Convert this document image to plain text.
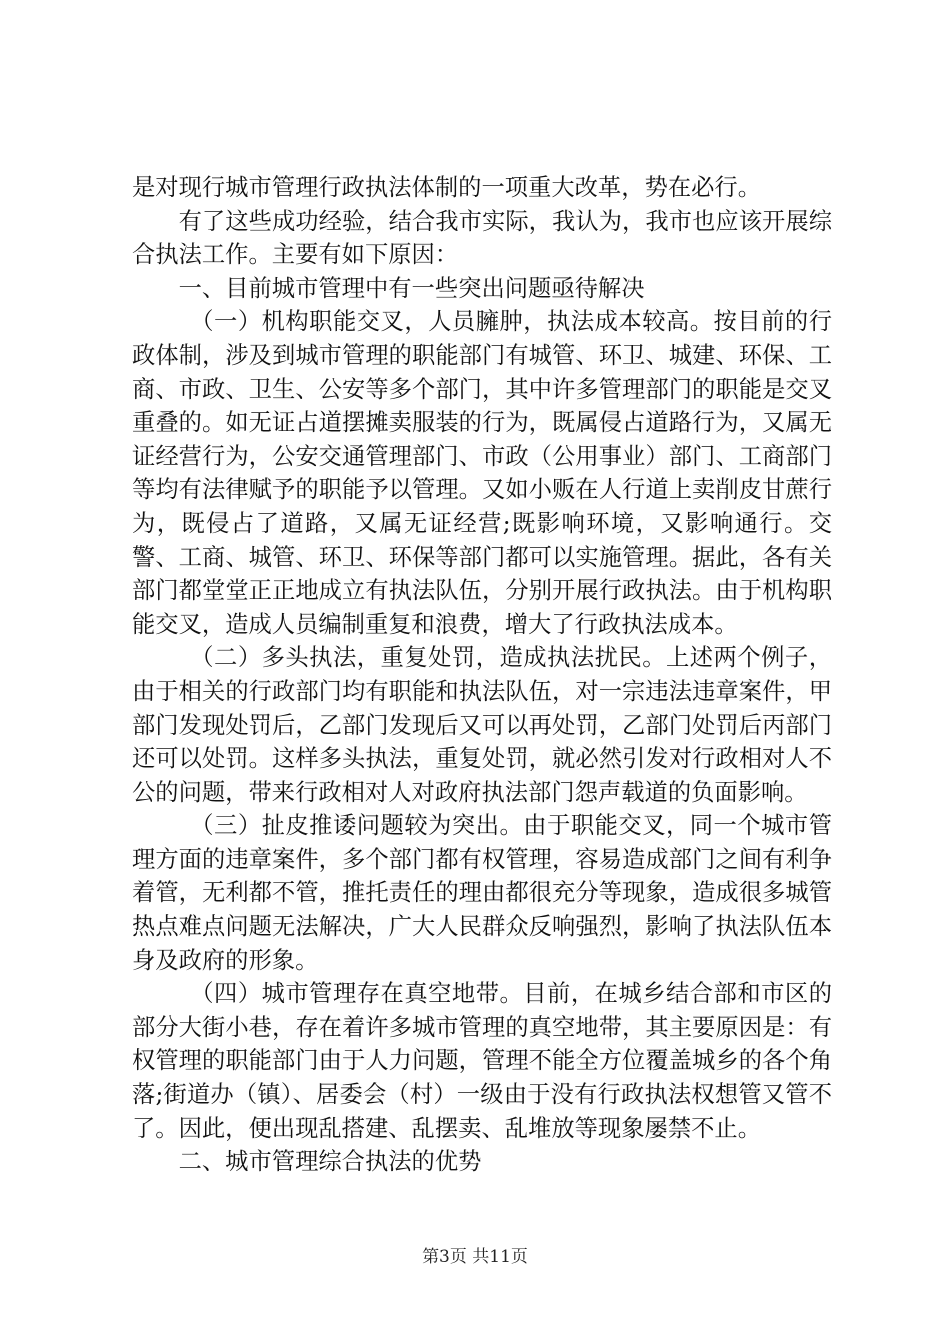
是对现行城市管理行政执法体制的一项重大改革，势在必行。

有了这些成功经验，结合我市实际，我认为，我市也应该开展综合执法工作。主要有如下原因：

一、目前城市管理中有一些突出问题亟待解决

（一）机构职能交叉，人员臃肿，执法成本较高。按目前的行政体制，涉及到城市管理的职能部门有城管、环卫、城建、环保、工商、市政、卫生、公安等多个部门，其中许多管理部门的职能是交叉重叠的。如无证占道摆摊卖服装的行为，既属侵占道路行为，又属无证经营行为，公安交通管理部门、市政（公用事业）部门、工商部门等均有法律赋予的职能予以管理。又如小贩在人行道上卖削皮甘蔗行为，既侵占了道路，又属无证经营;既影响环境，又影响通行。交警、工商、城管、环卫、环保等部门都可以实施管理。据此，各有关部门都堂堂正正地成立有执法队伍，分别开展行政执法。由于机构职能交叉，造成人员编制重复和浪费，增大了行政执法成本。

（二）多头执法，重复处罚，造成执法扰民。上述两个例子，由于相关的行政部门均有职能和执法队伍，对一宗违法违章案件，甲部门发现处罚后，乙部门发现后又可以再处罚，乙部门处罚后丙部门还可以处罚。这样多头执法，重复处罚，就必然引发对行政相对人不公的问题，带来行政相对人对政府执法部门怨声载道的负面影响。

（三）扯皮推诿问题较为突出。由于职能交叉，同一个城市管理方面的违章案件，多个部门都有权管理，容易造成部门之间有利争着管，无利都不管，推托责任的理由都很充分等现象，造成很多城管热点难点问题无法解决，广大人民群众反响强烈，影响了执法队伍本身及政府的形象。

（四）城市管理存在真空地带。目前，在城乡结合部和市区的部分大街小巷，存在着许多城市管理的真空地带，其主要原因是：有权管理的职能部门由于人力问题，管理不能全方位覆盖城乡的各个角落;街道办（镇）、居委会（村）一级由于没有行政执法权想管又管不了。因此，便出现乱搭建、乱摆卖、乱堆放等现象屡禁不止。

二、城市管理综合执法的优势

第3页 共11页
